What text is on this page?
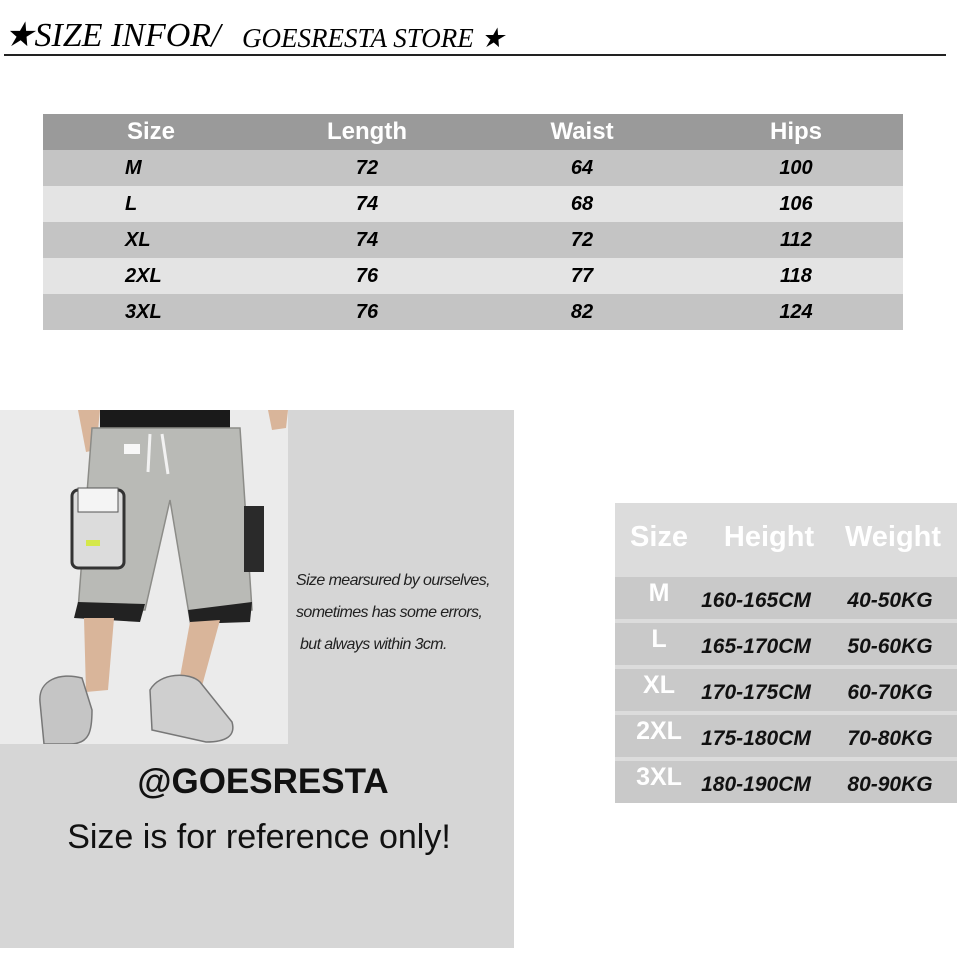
★SIZE INFOR/ GOESRESTA STORE ★
Size	Length	Waist	Hips
M	72	64	100
L	74	68	106
XL	74	72	112
2XL	76	77	118
3XL	76	82	124
Size mearsured by ourselves,
sometimes has some errors,
but always within 3cm.
@GOESRESTA
Size is for reference only!
Size	Height	Weight
M	160-165CM	40-50KG
L	165-170CM	50-60KG
XL	170-175CM	60-70KG
2XL 175-180CM	70-80KG
3XL 180-190CM	80-90KG
